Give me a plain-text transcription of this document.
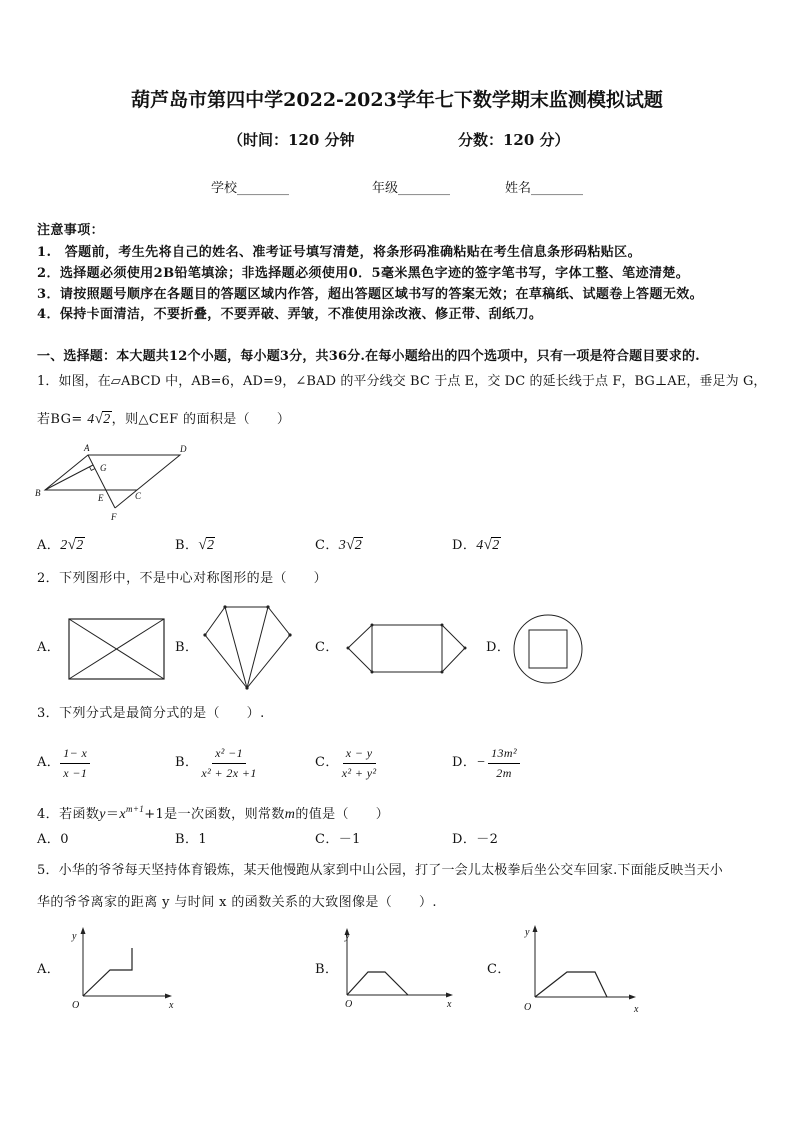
葫芦岛市第四中学2022-2023学年七下数学期末监测模拟试题
（时间：120 分钟	分数：120 分）
学校________	年级________	姓名________
注意事项：
1.　答题前，考生先将自己的姓名、准考证号填写清楚，将条形码准确粘贴在考生信息条形码粘贴区。
2．选择题必须使用2B铅笔填涂；非选择题必须使用0．5毫米黑色字迹的签字笔书写，字体工整、笔迹清楚。
3．请按照题号顺序在各题目的答题区域内作答，超出答题区域书写的答案无效；在草稿纸、试题卷上答题无效。
4．保持卡面清洁，不要折叠，不要弄破、弄皱，不准使用涂改液、修正带、刮纸刀。
一、选择题：本大题共12个小题，每小题3分，共36分.在每小题给出的四个选项中，只有一项是符合题目要求的.
1．如图，在▱ABCD 中，AB=6，AD=9，∠BAD 的平分线交 BC 于点 E，交 DC 的延长线于点 F，BG⊥AE，垂足为 G，
若BG= 4√2，则△CEF 的面积是（　　）
A	D
B	C
E
F
G
A．2√2	B．√2	C．3√2	D．4√2
2．下列图形中，不是中心对称图形的是（　　）
A．	B．	C．	D．
3．下列分式是最简分式的是（　　）.
A． $\frac{1- x}{x -1}$	B． $\frac{\text{x² −1}}{\text{x² + 2x +1}}$	C． $\frac{x - y}{\text{x² + y²}}$	D． − $\frac{\text{13m²}}{2m}$
4．若函数$y=x^{m+1}+1$是一次函数，则常数m的值是（　　）
A．0	B．1	C．－1	D．－2
5．小华的爷爷每天坚持体育锻炼，某天他慢跑从家到中山公园，打了一会儿太极拳后坐公交车回家.下面能反映当天小
华的爷爷离家的距离 y 与时间 x 的函数关系的大致图像是（　　）.
A．
y
O	x
B．
y
O	x
C．
y
O	x
